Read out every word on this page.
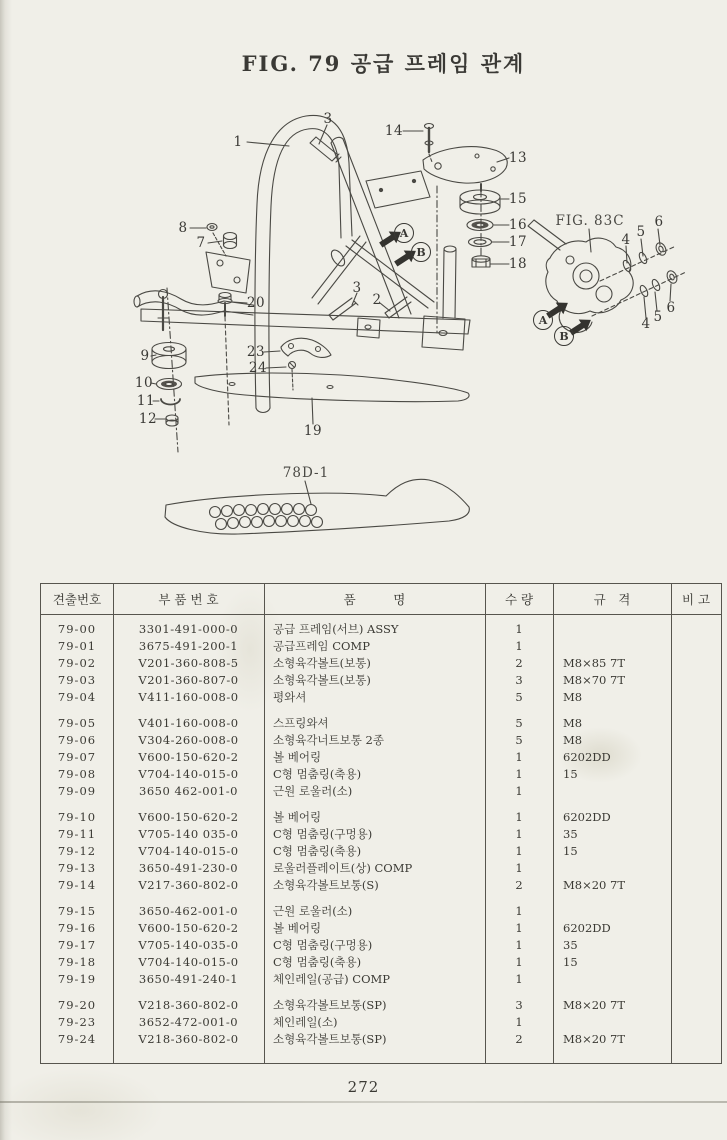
FIG. 79 공급 프레임 관계
FIG. 83C
78D-1
1
3
14
13
15
16
17
18
8
7
3
2
20
9
10
11
12
23
24
19
4 5
6
4 5
6
A
B
A
B
견출번호	부 품 번 호	품　　　명	수 량	규　격	비 고
79-00	3301-491-000-0	공급 프레임(서브) ASSY	1
79-01	3675-491-200-1	공급프레임 COMP	1
79-02	V201-360-808-5	소형육각볼트(보통)	2	M8×85 7T
79-03	V201-360-807-0	소형육각볼트(보통)	3	M8×70 7T
79-04	V411-160-008-0	평와셔	5	M8
79-05	V401-160-008-0	스프링와셔	5	M8
79-06	V304-260-008-0	소형육각너트보통 2종	5	M8
79-07	V600-150-620-2	볼 베어링	1	6202DD
79-08	V704-140-015-0	C형 멈춤링(축용)	1	15
79-09	3650 462-001-0	근원 로울러(소)	1
79-10	V600-150-620-2	볼 베어링	1	6202DD
79-11	V705-140 035-0	C형 멈춤링(구멍용)	1	35
79-12	V704-140-015-0	C형 멈춤링(축용)	1	15
79-13	3650-491-230-0	로울러플레이트(상) COMP	1
79-14	V217-360-802-0	소형육각볼트보통(S)	2	M8×20 7T
79-15	3650-462-001-0	근원 로울러(소)	1
79-16	V600-150-620-2	볼 베어링	1	6202DD
79-17	V705-140-035-0	C형 멈춤링(구멍용)	1	35
79-18	V704-140-015-0	C형 멈춤링(축용)	1	15
79-19	3650-491-240-1	체인레일(공급) COMP	1
79-20	V218-360-802-0	소형육각볼트보통(SP)	3	M8×20 7T
79-23	3652-472-001-0	체인레일(소)	1
79-24	V218-360-802-0	소형육각볼트보통(SP)	2	M8×20 7T
272
